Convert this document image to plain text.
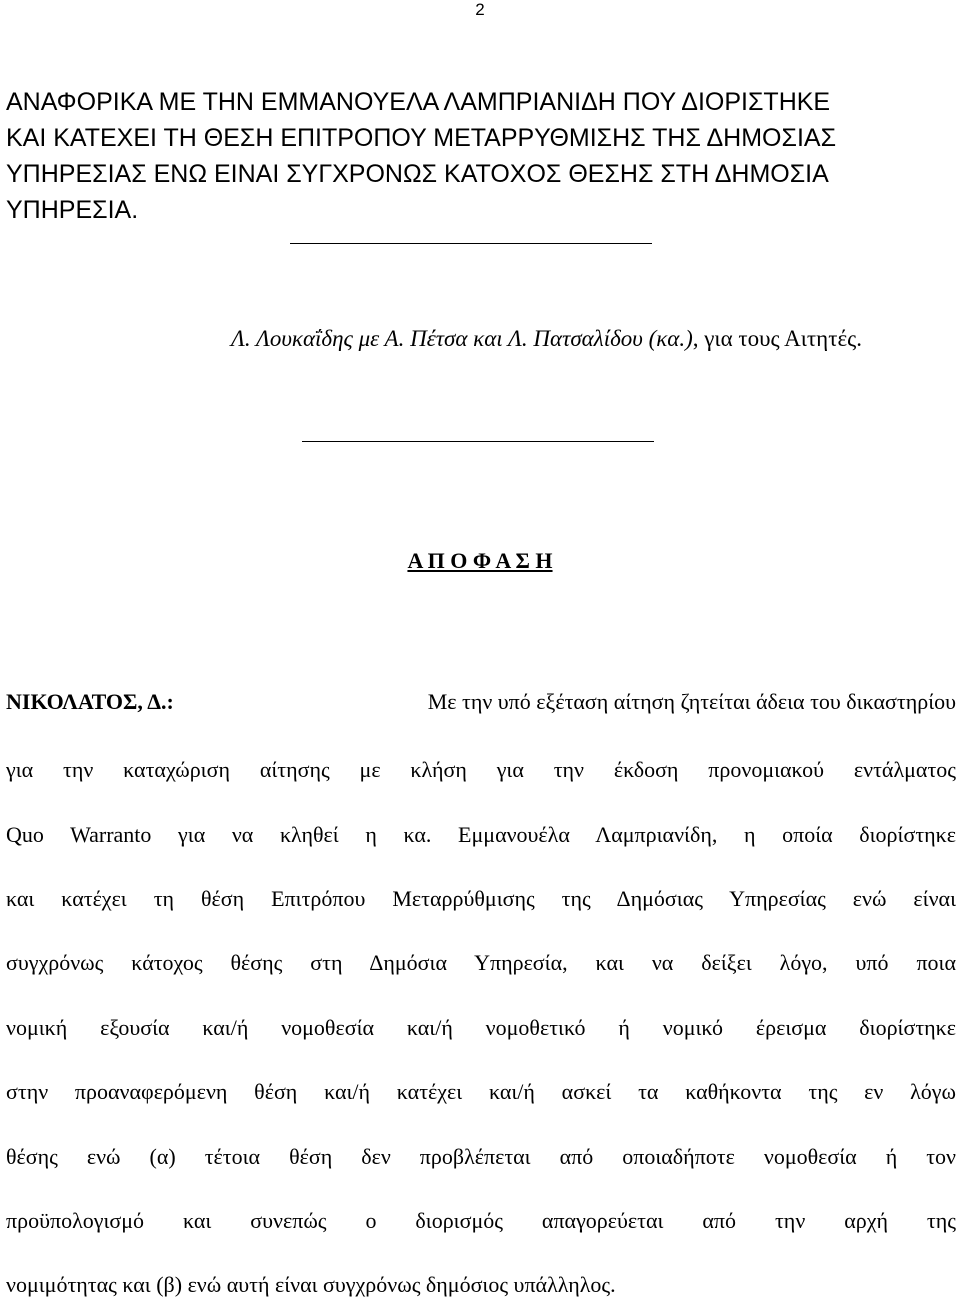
2
ΑΝΑΦΟΡΙΚΑ ΜΕ ΤΗΝ ΕΜΜΑΝΟΥΕΛΑ ΛΑΜΠΡΙΑΝΙΔΗ ΠΟΥ ΔΙΟΡΙΣΤΗΚΕ
ΚΑΙ ΚΑΤΕΧΕΙ ΤΗ ΘΕΣΗ ΕΠΙΤΡΟΠΟΥ ΜΕΤΑΡΡΥΘΜΙΣΗΣ ΤΗΣ ΔΗΜΟΣΙΑΣ
ΥΠΗΡΕΣΙΑΣ ΕΝΩ ΕΙΝΑΙ ΣΥΓΧΡΟΝΩΣ ΚΑΤΟΧΟΣ ΘΕΣΗΣ ΣΤΗ ΔΗΜΟΣΙΑ
ΥΠΗΡΕΣΙΑ.
Λ. Λουκαΐδης με Α. Πέτσα και Λ. Πατσαλίδου (κα.), για τους Αιτητές.
Α Π Ο Φ Α Σ Η
ΝΙΚΟΛΑΤΟΣ, Δ.:	Με την υπό εξέταση αίτηση ζητείται άδεια του δικαστηρίου
για την καταχώριση αίτησης με κλήση για την έκδοση προνομιακού εντάλματος
Quo Warranto για να κληθεί η κα. Εμμανουέλα Λαμπριανίδη, η οποία διορίστηκε
και κατέχει τη θέση Επιτρόπου Μεταρρύθμισης της Δημόσιας Υπηρεσίας ενώ είναι
συγχρόνως κάτοχος θέσης στη Δημόσια Υπηρεσία, και να δείξει λόγο, υπό ποια
νομική εξουσία και/ή νομοθεσία και/ή νομοθετικό ή νομικό έρεισμα διορίστηκε
στην προαναφερόμενη θέση και/ή κατέχει και/ή ασκεί τα καθήκοντα της εν λόγω
θέσης ενώ (α) τέτοια θέση δεν προβλέπεται από οποιαδήποτε νομοθεσία ή τον
προϋπολογισμό και συνεπώς ο διορισμός απαγορεύεται από την αρχή της
νομιμότητας και (β) ενώ αυτή είναι συγχρόνως δημόσιος υπάλληλος.
